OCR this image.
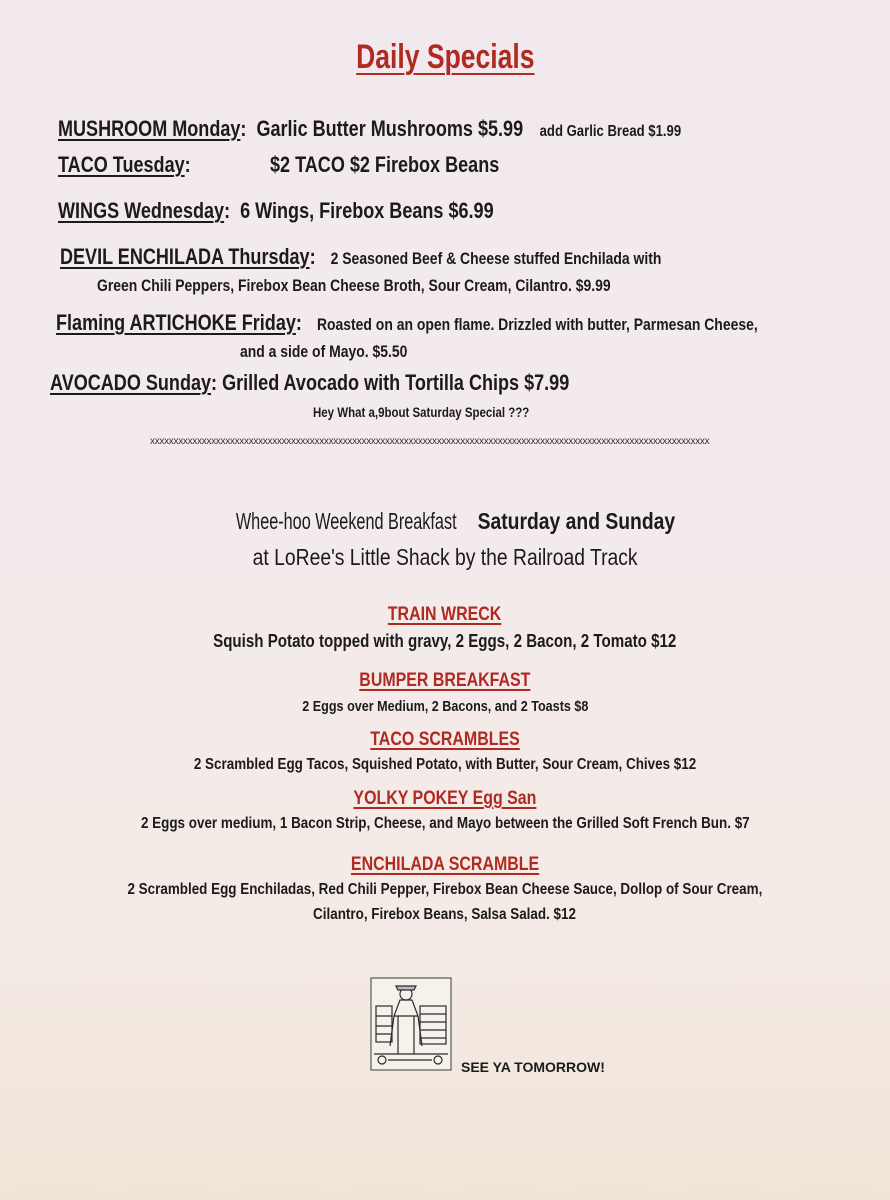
Daily Specials
MUSHROOM Monday: Garlic Butter Mushrooms $5.99 add Garlic Bread $1.99
TACO Tuesday:	$2 TACO $2 Firebox Beans
WINGS Wednesday: 6 Wings, Firebox Beans $6.99
DEVIL ENCHILADA Thursday: 2 Seasoned Beef & Cheese stuffed Enchilada with
Green Chili Peppers, Firebox Bean Cheese Broth, Sour Cream, Cilantro. $9.99
Flaming ARTICHOKE Friday: Roasted on an open flame. Drizzled with butter, Parmesan Cheese,
and a side of Mayo. $5.50
AVOCADO Sunday: Grilled Avocado with Tortilla Chips $7.99
Hey What a,9bout Saturday Special ???
xxxxxxxxxxxxxxxxxxxxxxxxxxxxxxxxxxxxxxxxxxxxxxxxxxxxxxxxxxxxxxxxxxxxxxxxxxxxxxxxxxxxxxxxxxxxxxxxxxxxxxxxxxxxxxxxxxxxxxx
Whee-hoo Weekend BreakfastSaturday and Sunday
at LoRee's Little Shack by the Railroad Track
TRAIN WRECK
Squish Potato topped with gravy, 2 Eggs, 2 Bacon, 2 Tomato $12
BUMPER BREAKFAST
2 Eggs over Medium, 2 Bacons, and 2 Toasts $8
TACO SCRAMBLES
2 Scrambled Egg Tacos, Squished Potato, with Butter, Sour Cream, Chives $12
YOLKY POKEY Egg San
2 Eggs over medium, 1 Bacon Strip, Cheese, and Mayo between the Grilled Soft French Bun. $7
ENCHILADA SCRAMBLE
2 Scrambled Egg Enchiladas, Red Chili Pepper, Firebox Bean Cheese Sauce, Dollop of Sour Cream,
Cilantro, Firebox Beans, Salsa Salad. $12
SEE YA TOMORROW!
